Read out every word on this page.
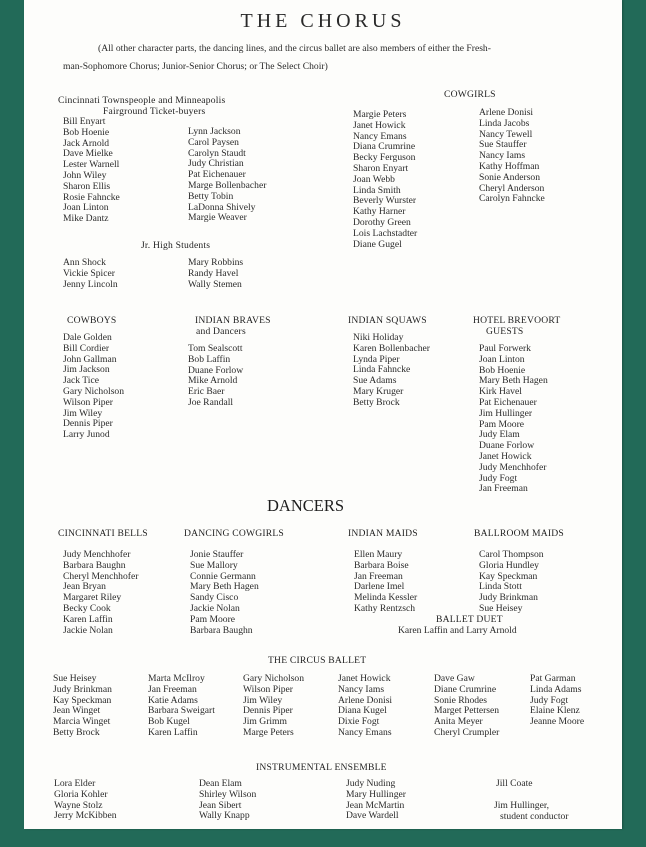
THE CHORUS
(All other character parts, the dancing lines, and the circus ballet are also members of either the Fresh-
man-Sophomore Chorus; Junior-Senior Chorus; or The Select Choir)
Cincinnati Townspeople and Minneapolis
Fairground Ticket-buyers
Bill Enyart
Bob Hoenie
Jack Arnold
Dave Mielke
Lester Warnell
John Wiley
Sharon Ellis
Rosie Fahncke
Joan Linton
Mike Dantz
Lynn Jackson
Carol Paysen
Carolyn Staudt
Judy Christian
Pat Eichenauer
Marge Bollenbacher
Betty Tobin
LaDonna Shively
Margie Weaver
Margie Peters
Janet Howick
Nancy Emans
Diana Crumrine
Becky Ferguson
Sharon Enyart
Joan Webb
Linda Smith
Beverly Wurster
Kathy Harner
Dorothy Green
Lois Lachstadter
Diane Gugel
Jr. High Students
Ann Shock
Vickie Spicer
Jenny Lincoln
Mary Robbins
Randy Havel
Wally Stemen
COWGIRLS
Arlene Donisi
Linda Jacobs
Nancy Tewell
Sue Stauffer
Nancy Iams
Kathy Hoffman
Sonie Anderson
Cheryl Anderson
Carolyn Fahncke
COWBOYS
Dale Golden
Bill Cordier
John Gallman
Jim Jackson
Jack Tice
Gary Nicholson
Wilson Piper
Jim Wiley
Dennis Piper
Larry Junod
INDIAN BRAVES
and Dancers
Tom Sealscott
Bob Laffin
Duane Forlow
Mike Arnold
Eric Baer
Joe Randall
INDIAN SQUAWS
Niki Holiday
Karen Bollenbacher
Lynda Piper
Linda Fahncke
Sue Adams
Mary Kruger
Betty Brock
HOTEL BREVOORT
GUESTS
Paul Forwerk
Joan Linton
Bob Hoenie
Mary Beth Hagen
Kirk Havel
Pat Eichenauer
Jim Hullinger
Pam Moore
Judy Elam
Duane Forlow
Janet Howick
Judy Menchhofer
Judy Fogt
Jan Freeman
DANCERS
CINCINNATI BELLS
Judy Menchhofer
Barbara Baughn
Cheryl Menchhofer
Jean Bryan
Margaret Riley
Becky Cook
Karen Laffin
Jackie Nolan
DANCING COWGIRLS
Jonie Stauffer
Sue Mallory
Connie Germann
Mary Beth Hagen
Sandy Cisco
Jackie Nolan
Pam Moore
Barbara Baughn
INDIAN MAIDS
Ellen Maury
Barbara Boise
Jan Freeman
Darlene Imel
Melinda Kessler
Kathy Rentzsch
BALLROOM MAIDS
Carol Thompson
Gloria Hundley
Kay Speckman
Linda Stott
Judy Brinkman
Sue Heisey
BALLET DUET
Karen Laffin and Larry Arnold
THE CIRCUS BALLET
Sue Heisey
Judy Brinkman
Kay Speckman
Jean Winget
Marcia Winget
Betty Brock
Marta McIlroy
Jan Freeman
Katie Adams
Barbara Sweigart
Bob Kugel
Karen Laffin
Gary Nicholson
Wilson Piper
Jim Wiley
Dennis Piper
Jim Grimm
Marge Peters
Janet Howick
Nancy Iams
Arlene Donisi
Diana Kugel
Dixie Fogt
Nancy Emans
Dave Gaw
Diane Crumrine
Sonie Rhodes
Marget Pettersen
Anita Meyer
Cheryl Crumpler
Pat Garman
Linda Adams
Judy Fogt
Elaine Klenz
Jeanne Moore
INSTRUMENTAL ENSEMBLE
Lora Elder
Gloria Kohler
Wayne Stolz
Jerry McKibben
Dean Elam
Shirley Wilson
Jean Sibert
Wally Knapp
Judy Nuding
Mary Hullinger
Jean McMartin
Dave Wardell
Jill Coate
Jim Hullinger,
student conductor
